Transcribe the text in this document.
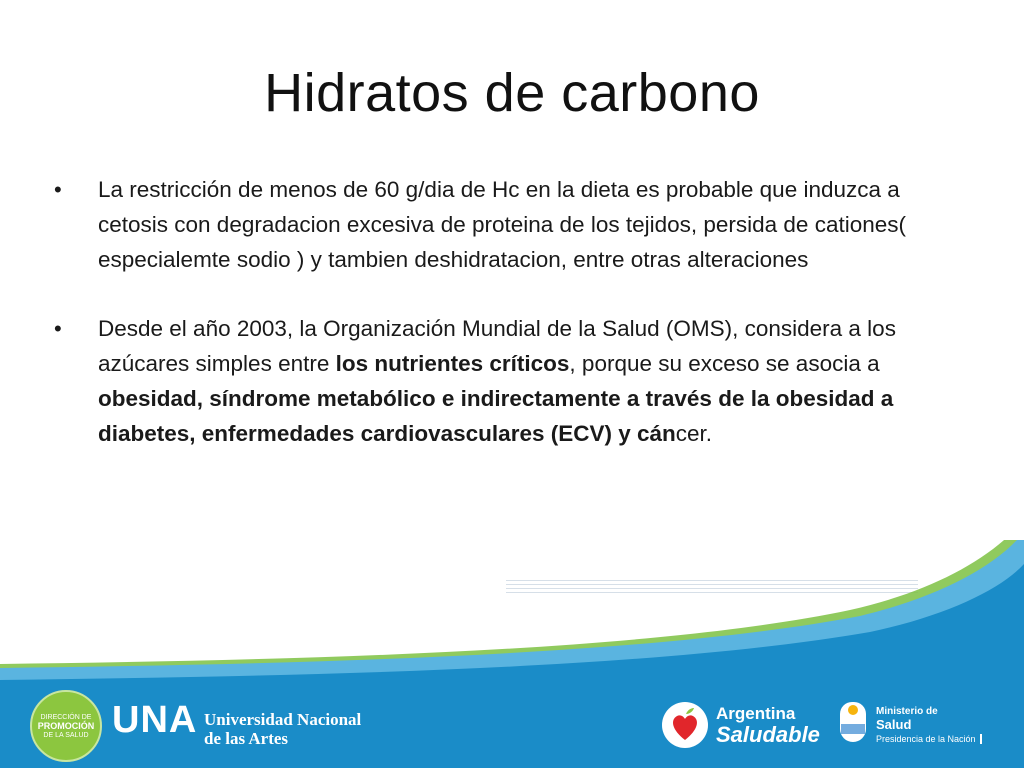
Hidratos de carbono
• La restricción de menos de 60 g/dia de Hc en la dieta es probable que induzca a cetosis con degradacion excesiva de proteina de los tejidos, persida de cationes( especialemte sodio ) y tambien deshidratacion, entre otras alteraciones
• Desde el año 2003, la Organización Mundial de la Salud (OMS), considera a los azúcares simples entre los nutrientes críticos, porque su exceso se asocia a obesidad, síndrome metabólico e indirectamente a través de la obesidad a diabetes, enfermedades cardiovasculares (ECV) y cáncer.
DIRECCIÓN DE
PROMOCIÓN
DE LA SALUD UNA Universidad Nacional
de las Artes
Argentina
Saludable
Ministerio de
Salud
Presidencia de la Nación
